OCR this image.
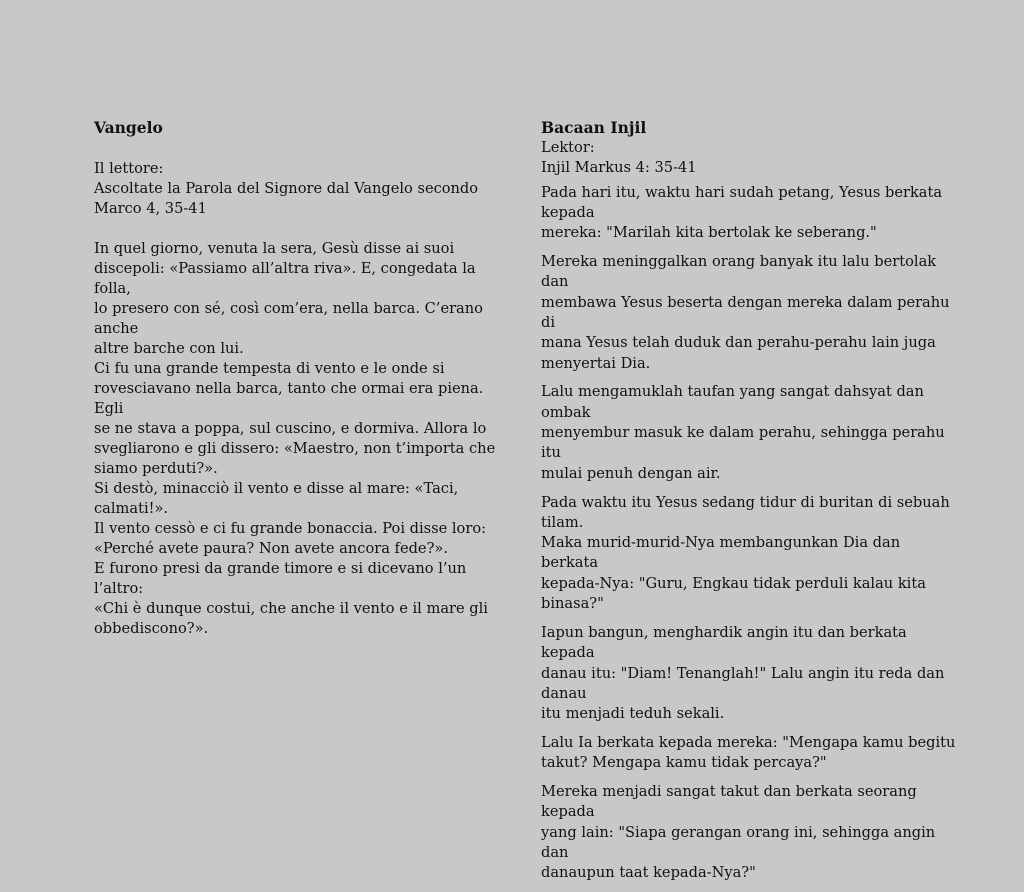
Vangelo

Il lettore:

Ascoltate la Parola del Signore dal Vangelo secondo

Marco 4, 35-41

In quel giorno, venuta la sera, Gesù disse ai suoi

discepoli: «Passiamo all’altra riva». E, congedata la folla,

lo presero con sé, così com’era, nella barca. C’erano anche

altre barche con lui.

Ci fu una grande tempesta di vento e le onde si

rovesciavano nella barca, tanto che ormai era piena. Egli

se ne stava a poppa, sul cuscino, e dormiva. Allora lo

svegliarono e gli dissero: «Maestro, non t’importa che

siamo perduti?».

Si destò, minacciò il vento e disse al mare: «Taci,

calmati!».

Il vento cessò e ci fu grande bonaccia. Poi disse loro:

«Perché avete paura? Non avete ancora fede?».

E furono presi da grande timore e si dicevano l’un l’altro:

«Chi è dunque costui, che anche il vento e il mare gli

obbediscono?».

Bacaan Injil

Lektor:

Injil Markus 4: 35-41

Pada hari itu, waktu hari sudah petang, Yesus berkata kepada

mereka: "Marilah kita bertolak ke seberang."

Mereka meninggalkan orang banyak itu lalu bertolak dan

membawa Yesus beserta dengan mereka dalam perahu di

mana Yesus telah duduk dan perahu-perahu lain juga

menyertai Dia.

Lalu mengamuklah taufan yang sangat dahsyat dan ombak

menyembur masuk ke dalam perahu, sehingga perahu itu

mulai penuh dengan air.

Pada waktu itu Yesus sedang tidur di buritan di sebuah tilam.

Maka murid-murid-Nya membangunkan Dia dan berkata

kepada-Nya: "Guru, Engkau tidak perduli kalau kita binasa?"

Iapun bangun, menghardik angin itu dan berkata kepada

danau itu: "Diam! Tenanglah!" Lalu angin itu reda dan danau

itu menjadi teduh sekali.

Lalu Ia berkata kepada mereka: "Mengapa kamu begitu

takut? Mengapa kamu tidak percaya?"

Mereka menjadi sangat takut dan berkata seorang kepada

yang lain: "Siapa gerangan orang ini, sehingga angin dan

danaupun taat kepada-Nya?"
